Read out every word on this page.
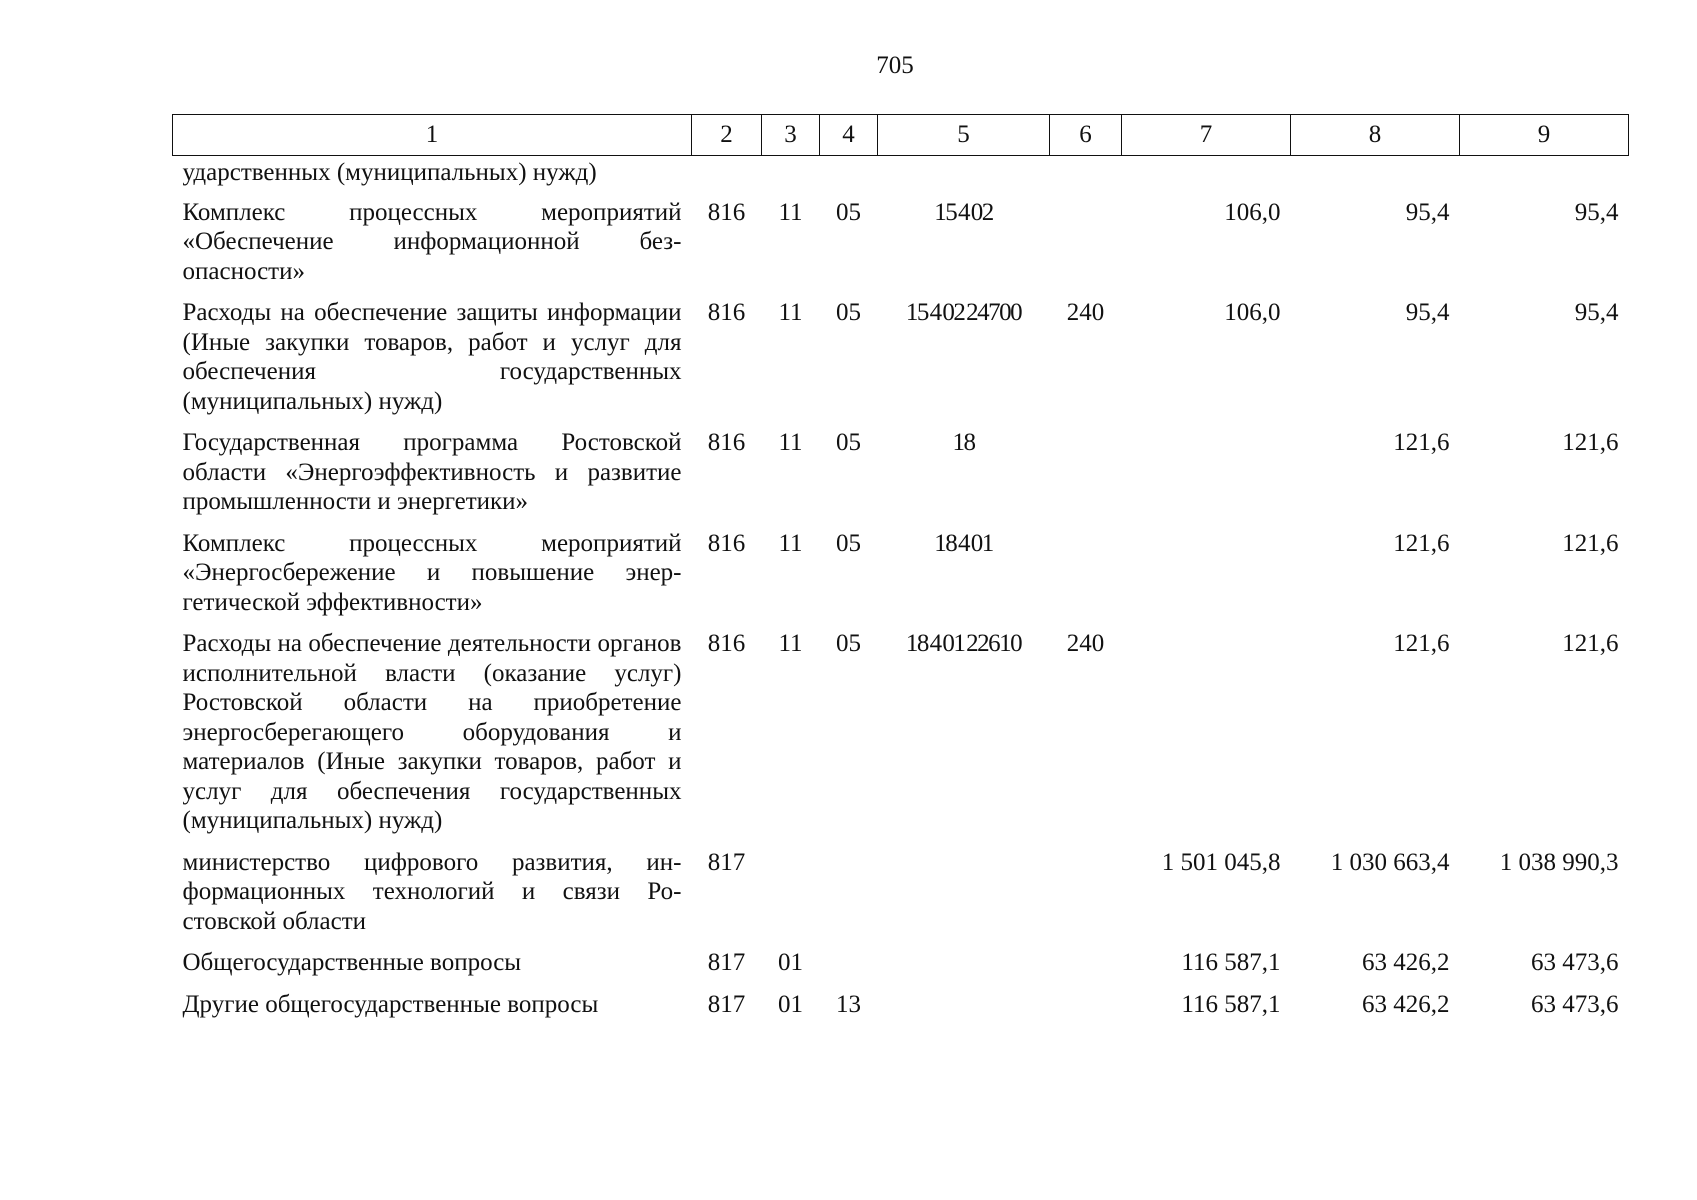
705
1	2	3	4	5	6	7	8	9
ударственных (муниципальных) нужд)								
Комплекс процессных мероприятий «Обеспечение информационной безопасности»	816	11	05	15 4 02		106,0	95,4	95,4
Расходы на обеспечение защиты информации (Иные закупки товаров, работ и услуг для обеспечения государственных (муниципальных) нужд)	816	11	05	15 4 02 24700	240	106,0	95,4	95,4
Государственная программа Ростовской области «Энергоэффективность и развитие промышленности и энергетики»	816	11	05	18			121,6	121,6
Комплекс процессных мероприятий «Энергосбережение и повышение энергетической эффективности»	816	11	05	18 4 01			121,6	121,6
Расходы на обеспечение деятельности органов исполнительной власти (оказание услуг) Ростовской области на приобретение энергосберегающего оборудования и материалов (Иные закупки товаров, работ и услуг для обеспечения государственных (муниципальных) нужд)	816	11	05	18 4 01 22610	240		121,6	121,6
министерство цифрового развития, информационных технологий и связи Ростовской области	817					1 501 045,8	1 030 663,4	1 038 990,3
Общегосударственные вопросы	817	01				116 587,1	63 426,2	63 473,6
Другие общегосударственные вопросы	817	01	13			116 587,1	63 426,2	63 473,6
